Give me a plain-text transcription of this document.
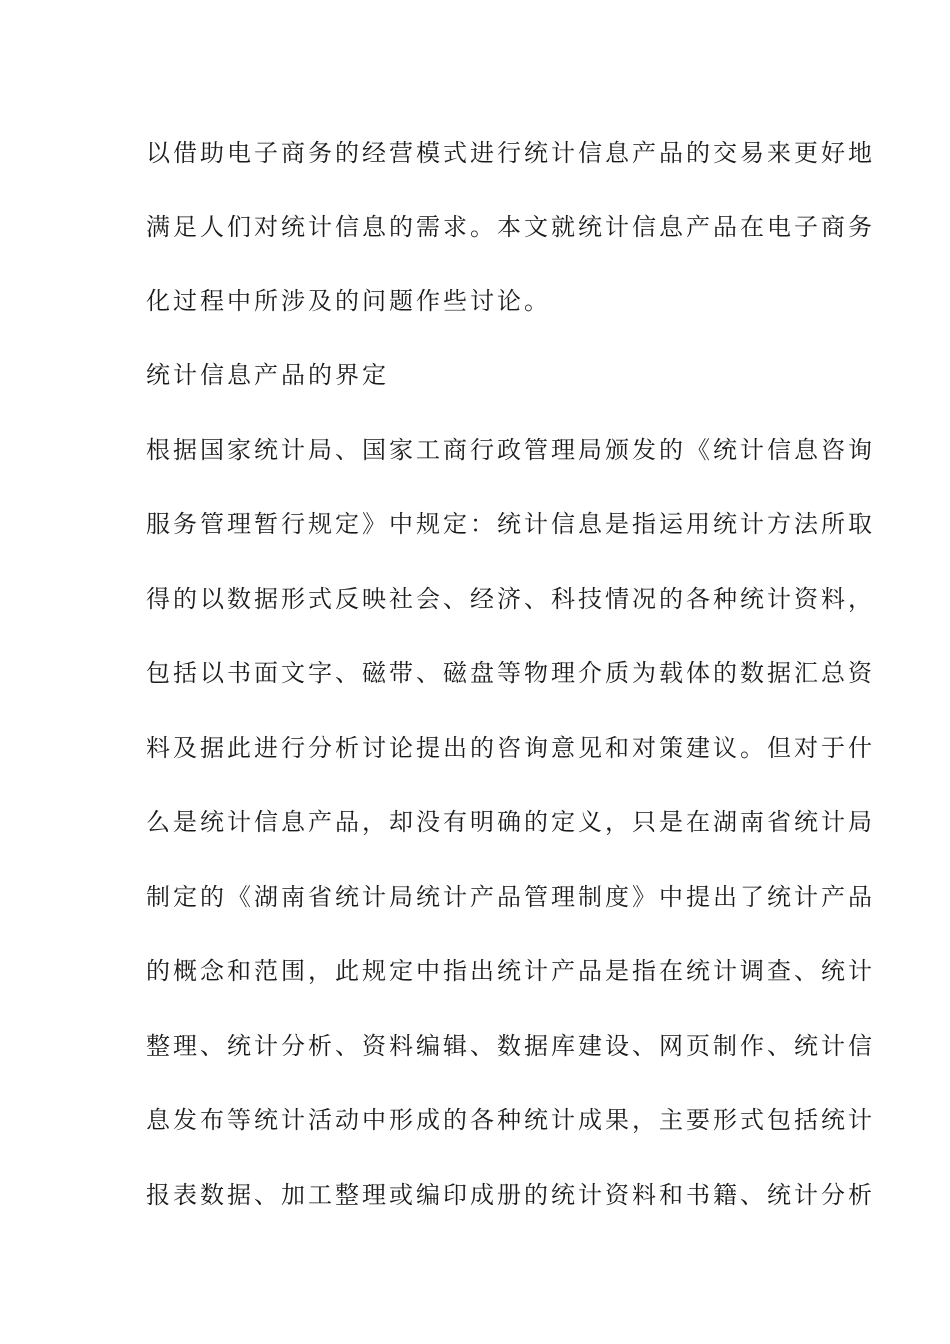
以借助电子商务的经营模式进行统计信息产品的交易来更好地
满足人们对统计信息的需求。本文就统计信息产品在电子商务
化过程中所涉及的问题作些讨论。
统计信息产品的界定
根据国家统计局、国家工商行政管理局颁发的《统计信息咨询
服务管理暂行规定》中规定：统计信息是指运用统计方法所取
得的以数据形式反映社会、经济、科技情况的各种统计资料，
包括以书面文字、磁带、磁盘等物理介质为载体的数据汇总资
料及据此进行分析讨论提出的咨询意见和对策建议。但对于什
么是统计信息产品，却没有明确的定义，只是在湖南省统计局
制定的《湖南省统计局统计产品管理制度》中提出了统计产品
的概念和范围，此规定中指出统计产品是指在统计调查、统计
整理、统计分析、资料编辑、数据库建设、网页制作、统计信
息发布等统计活动中形成的各种统计成果，主要形式包括统计
报表数据、加工整理或编印成册的统计资料和书籍、统计分析
